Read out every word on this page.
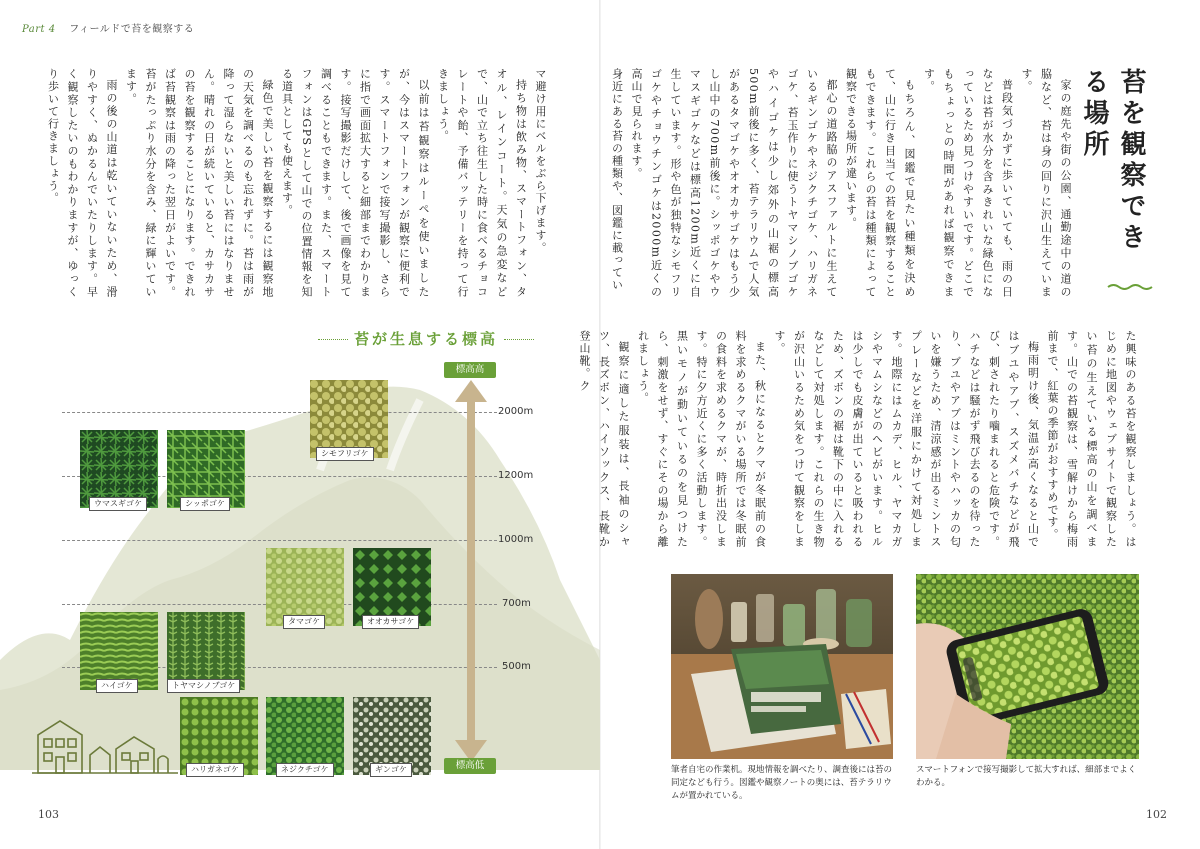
Part 4 フィールドで苔を観察する
苔を観察できる場所

家の庭先や街の公園、通勤途中の道の脇など、苔は身の回りに沢山生えています。

普段気づかずに歩いていても、雨の日などは苔が水分を含みきれいな緑色になっているため見つけやすいです。どこでもちょっとの時間があれば観察できます。

もちろん、図鑑で見たい種類を決めて、山に行き目当ての苔を観察することもできます。これらの苔は種類によって観察できる場所が違います。

都心の道路脇のアスファルトに生えているギンゴケやネジクチゴケ、ハリガネゴケ、苔玉作りに使うトヤマシノブゴケやハイゴケは少し郊外の山裾の標高500m前後に多く、苔テラリウムで人気があるタマゴケやオオカサゴケはもう少し山中の700m前後に。シッポゴケやウマスギゴケなどは標高1200m近くに自生しています。形や色が独特なシモフリゴケやチョウチンゴケは2000m近くの高山で見られます。

身近にある苔の種類や、図鑑に載ってい

た興味のある苔を観察しましょう。はじめに地図やウェブサイトで観察したい苔の生えている標高の山を調べます。山での苔観察は、雪解けから梅雨前まで、紅葉の季節がおすすめです。

梅雨明け後、気温が高くなると山ではブユやアブ、スズメバチなどが飛び、刺されたり噛まれると危険です。ハチなどは騒がず飛び去るのを待ったり、ブユやアブはミントやハッカの匂いを嫌うため、清涼感が出るミントスプレーなどを洋服にかけて対処します。地際にはムカデ、ヒル、ヤマカガシやマムシなどのヘビがいます。ヒルは少しでも皮膚が出ていると吸われるため、ズボンの裾は靴下の中に入れるなどして対処します。これらの生き物が沢山いるため気をつけて観察をします。

また、秋になるとクマが冬眠前の食料を求めるクマがいる場所では冬眠前の食料を求めるクマが、時折出没します。特に夕方近くに多く活動します。黒いモノが動いているのを見つけたら、刺激をせず、すぐにその場から離れましょう。

観察に適した服装は、長袖のシャツ、長ズボン、ハイソックス、長靴か登山靴。ク

筆者自宅の作業机。現地情報を調べたり、調査後には苔の同定なども行う。図鑑や観察ノートの奥には、苔テラリウムが置かれている。
スマートフォンで接写撮影して拡大すれば、細部までよくわかる。
102

マ避け用にベルをぶら下げます。

持ち物は飲み物、スマートフォン、タオル、レインコート。天気の急変などで、山で立ち往生した時に食べるチョコレートや飴、予備バッテリーを持って行きましょう。

以前は苔観察はルーペを使いましたが、今はスマートフォンが観察に便利です。スマートフォンで接写撮影し、さらに指で画面拡大すると細部までわかります。接写撮影だけして、後で画像を見て調べることもできます。また、スマートフォンはGPSとして山での位置情報を知る道具としても使えます。

緑色で美しい苔を観察するには観察地の天気を調べるのも忘れずに。苔は雨が降って湿らないと美しい苔にはなりません。晴れの日が続いていると、カサカサの苔を観察することになります。できれば苔観察は雨の降った翌日がよいです。苔がたっぷり水分を含み、緑に輝いています。

雨の後の山道は乾いていないため、滑りやすく、ぬかるんでいたりします。早く観察したいのもわかりますが、ゆっくり歩いて行きましょう。

苔が生息する標高
2000m
1200m
1000m
700m
500m
標高高
標高低
シモフリゴケ
ウマスギゴケ	シッポゴケ
タマゴケ	オオカサゴケ
ハイゴケ	トヤマシノブゴケ
ハリガネゴケ	ネジクチゴケ	ギンゴケ
103
